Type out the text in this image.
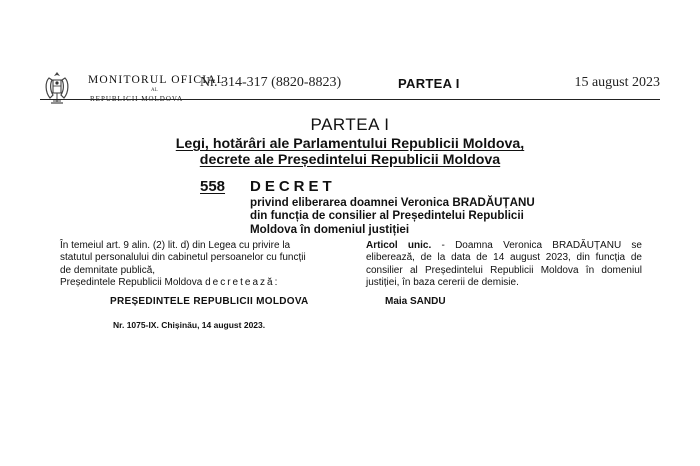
MONITORUL OFICIAL
AL
REPUBLICII MOLDOVA
Nr. 314-317 (8820-8823)	PARTEA I	15 august 2023
PARTEA I
Legi, hotărâri ale Parlamentului Republicii Moldova,
decrete ale Președintelui Republicii Moldova
558 DECRET
privind eliberarea doamnei Veronica BRADĂUȚANU
din funcția de consilier al Președintelui Republicii
Moldova în domeniul justiției
În temeiul art. 9 alin. (2) lit. d) din Legea cu privire la
statutul personalului din cabinetul persoanelor cu funcții
de demnitate publică,
Președintele Republicii Moldova decretează:
PREȘEDINTELE REPUBLICII MOLDOVA
Nr. 1075-IX. Chișinău, 14 august 2023.
Articol unic. - Doamna Veronica BRADĂUȚANU se eliberează, de la data de 14 august 2023, din funcția de consilier al Președintelui Republicii Moldova în domeniul justiției, în baza cererii de demisie.
Maia SANDU
